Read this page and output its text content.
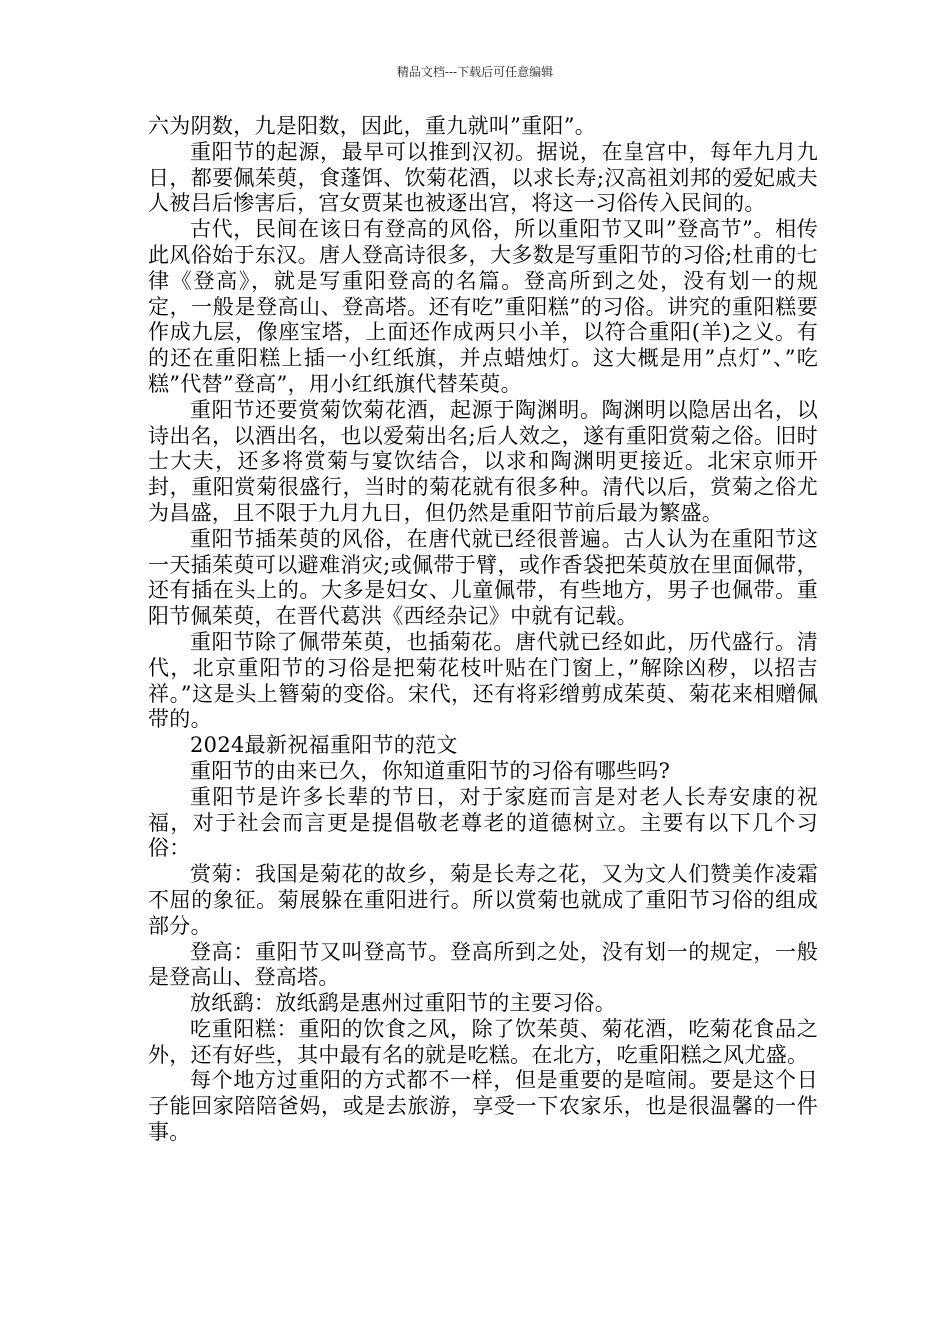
精品文档---下载后可任意编辑

六为阴数，九是阳数，因此，重九就叫”重阳”。

重阳节的起源，最早可以推到汉初。据说，在皇宫中，每年九月九日，都要佩茱萸，食蓬饵、饮菊花酒，以求长寿;汉高祖刘邦的爱妃戚夫人被吕后惨害后，宫女贾某也被逐出宫，将这一习俗传入民间的。

古代，民间在该日有登高的风俗，所以重阳节又叫”登高节”。相传此风俗始于东汉。唐人登高诗很多，大多数是写重阳节的习俗;杜甫的七律《登高》，就是写重阳登高的名篇。登高所到之处，没有划一的规定，一般是登高山、登高塔。还有吃”重阳糕”的习俗。讲究的重阳糕要作成九层，像座宝塔，上面还作成两只小羊，以符合重阳(羊)之义。有的还在重阳糕上插一小红纸旗，并点蜡烛灯。这大概是用”点灯”、”吃糕”代替”登高”，用小红纸旗代替茱萸。

重阳节还要赏菊饮菊花酒，起源于陶渊明。陶渊明以隐居出名，以诗出名，以酒出名，也以爱菊出名;后人效之，遂有重阳赏菊之俗。旧时士大夫，还多将赏菊与宴饮结合，以求和陶渊明更接近。北宋京师开封，重阳赏菊很盛行，当时的菊花就有很多种。清代以后，赏菊之俗尤为昌盛，且不限于九月九日，但仍然是重阳节前后最为繁盛。

重阳节插茱萸的风俗，在唐代就已经很普遍。古人认为在重阳节这一天插茱萸可以避难消灾;或佩带于臂，或作香袋把茱萸放在里面佩带，还有插在头上的。大多是妇女、儿童佩带，有些地方，男子也佩带。重阳节佩茱萸，在晋代葛洪《西经杂记》中就有记载。

重阳节除了佩带茱萸，也插菊花。唐代就已经如此，历代盛行。清代，北京重阳节的习俗是把菊花枝叶贴在门窗上，”解除凶秽，以招吉祥。”这是头上簪菊的变俗。宋代，还有将彩缯剪成茱萸、菊花来相赠佩带的。

2024最新祝福重阳节的范文

重阳节的由来已久，你知道重阳节的习俗有哪些吗?

重阳节是许多长辈的节日，对于家庭而言是对老人长寿安康的祝福，对于社会而言更是提倡敬老尊老的道德树立。主要有以下几个习俗：

赏菊：我国是菊花的故乡，菊是长寿之花，又为文人们赞美作凌霜不屈的象征。菊展躲在重阳进行。所以赏菊也就成了重阳节习俗的组成部分。

登高：重阳节又叫登高节。登高所到之处，没有划一的规定，一般是登高山、登高塔。

放纸鹞：放纸鹞是惠州过重阳节的主要习俗。

吃重阳糕：重阳的饮食之风，除了饮茱萸、菊花酒，吃菊花食品之外，还有好些，其中最有名的就是吃糕。在北方，吃重阳糕之风尤盛。

每个地方过重阳的方式都不一样，但是重要的是喧闹。要是这个日子能回家陪陪爸妈，或是去旅游，享受一下农家乐，也是很温馨的一件事。
